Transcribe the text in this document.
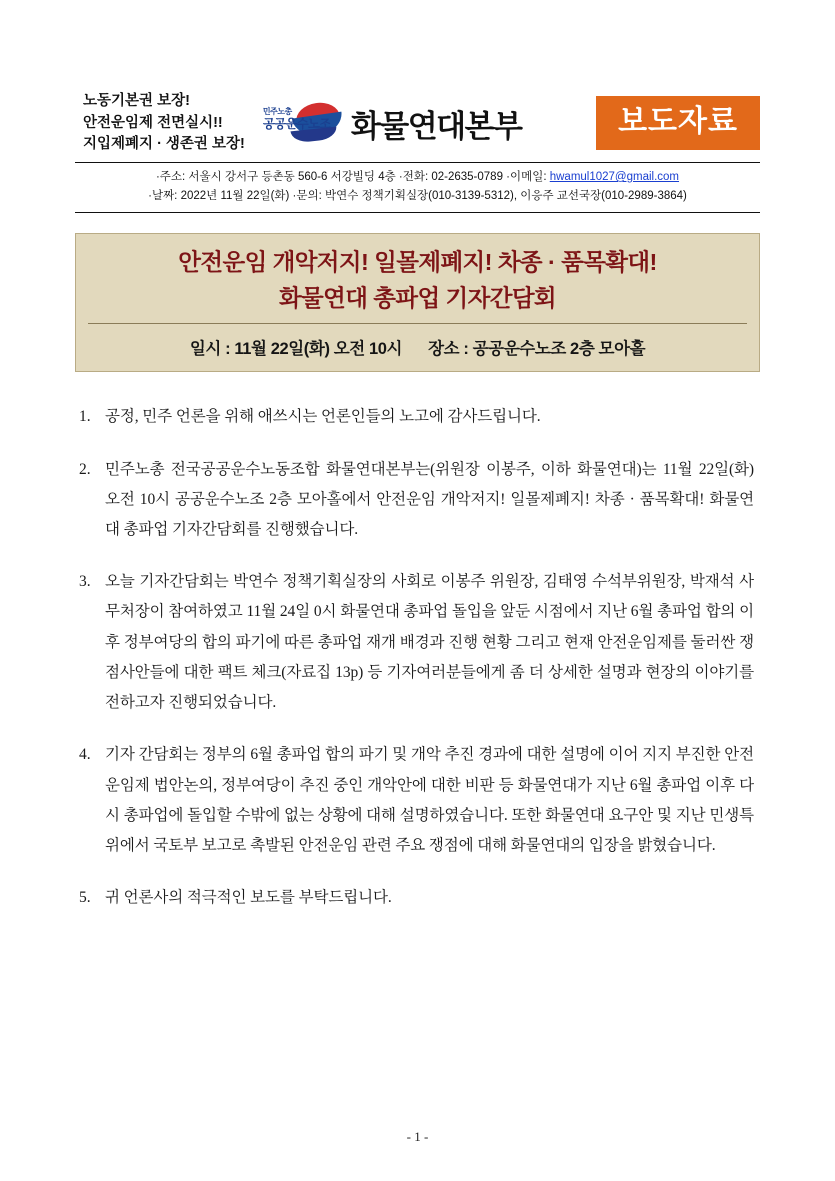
노동기본권 보장!
안전운임제 전면실시!!
지입제폐지 · 생존권 보장!
민주노총
공공운수노조 화물연대본부	보도자료
·주소: 서울시 강서구 등촌동 560-6 서강빌딩 4층 ·전화: 02-2635-0789 ·이메일: hwamul1027@gmail.com
·날짜: 2022년 11월 22일(화) ·문의: 박연수 정책기획실장(010-3139-5312), 이응주 교선국장(010-2989-3864)
안전운임 개악저지! 일몰제폐지! 차종 · 품목확대!
화물연대 총파업 기자간담회
일시 : 11월 22일(화) 오전 10시 장소 : 공공운수노조 2층 모아홀
1. 공정, 민주 언론을 위해 애쓰시는 언론인들의 노고에 감사드립니다.
2. 민주노총 전국공공운수노동조합 화물연대본부는(위원장 이봉주, 이하 화물연대)는 11월 22일(화) 오전 10시 공공운수노조 2층 모아홀에서 안전운임 개악저지! 일몰제폐지! 차종 · 품목확대! 화물연대 총파업 기자간담회를 진행했습니다.
3. 오늘 기자간담회는 박연수 정책기획실장의 사회로 이봉주 위원장, 김태영 수석부위원장, 박재석 사무처장이 참여하였고 11월 24일 0시 화물연대 총파업 돌입을 앞둔 시점에서 지난 6월 총파업 합의 이후 정부여당의 합의 파기에 따른 총파업 재개 배경과 진행 현황 그리고 현재 안전운임제를 둘러싼 쟁점사안들에 대한 팩트 체크(자료집 13p) 등 기자여러분들에게 좀 더 상세한 설명과 현장의 이야기를 전하고자 진행되었습니다.
4. 기자 간담회는 정부의 6월 총파업 합의 파기 및 개악 추진 경과에 대한 설명에 이어 지지 부진한 안전운임제 법안논의, 정부여당이 추진 중인 개악안에 대한 비판 등 화물연대가 지난 6월 총파업 이후 다시 총파업에 돌입할 수밖에 없는 상황에 대해 설명하였습니다. 또한 화물연대 요구안 및 지난 민생특위에서 국토부 보고로 촉발된 안전운임 관련 주요 쟁점에 대해 화물연대의 입장을 밝혔습니다.
5. 귀 언론사의 적극적인 보도를 부탁드립니다.
- 1 -
